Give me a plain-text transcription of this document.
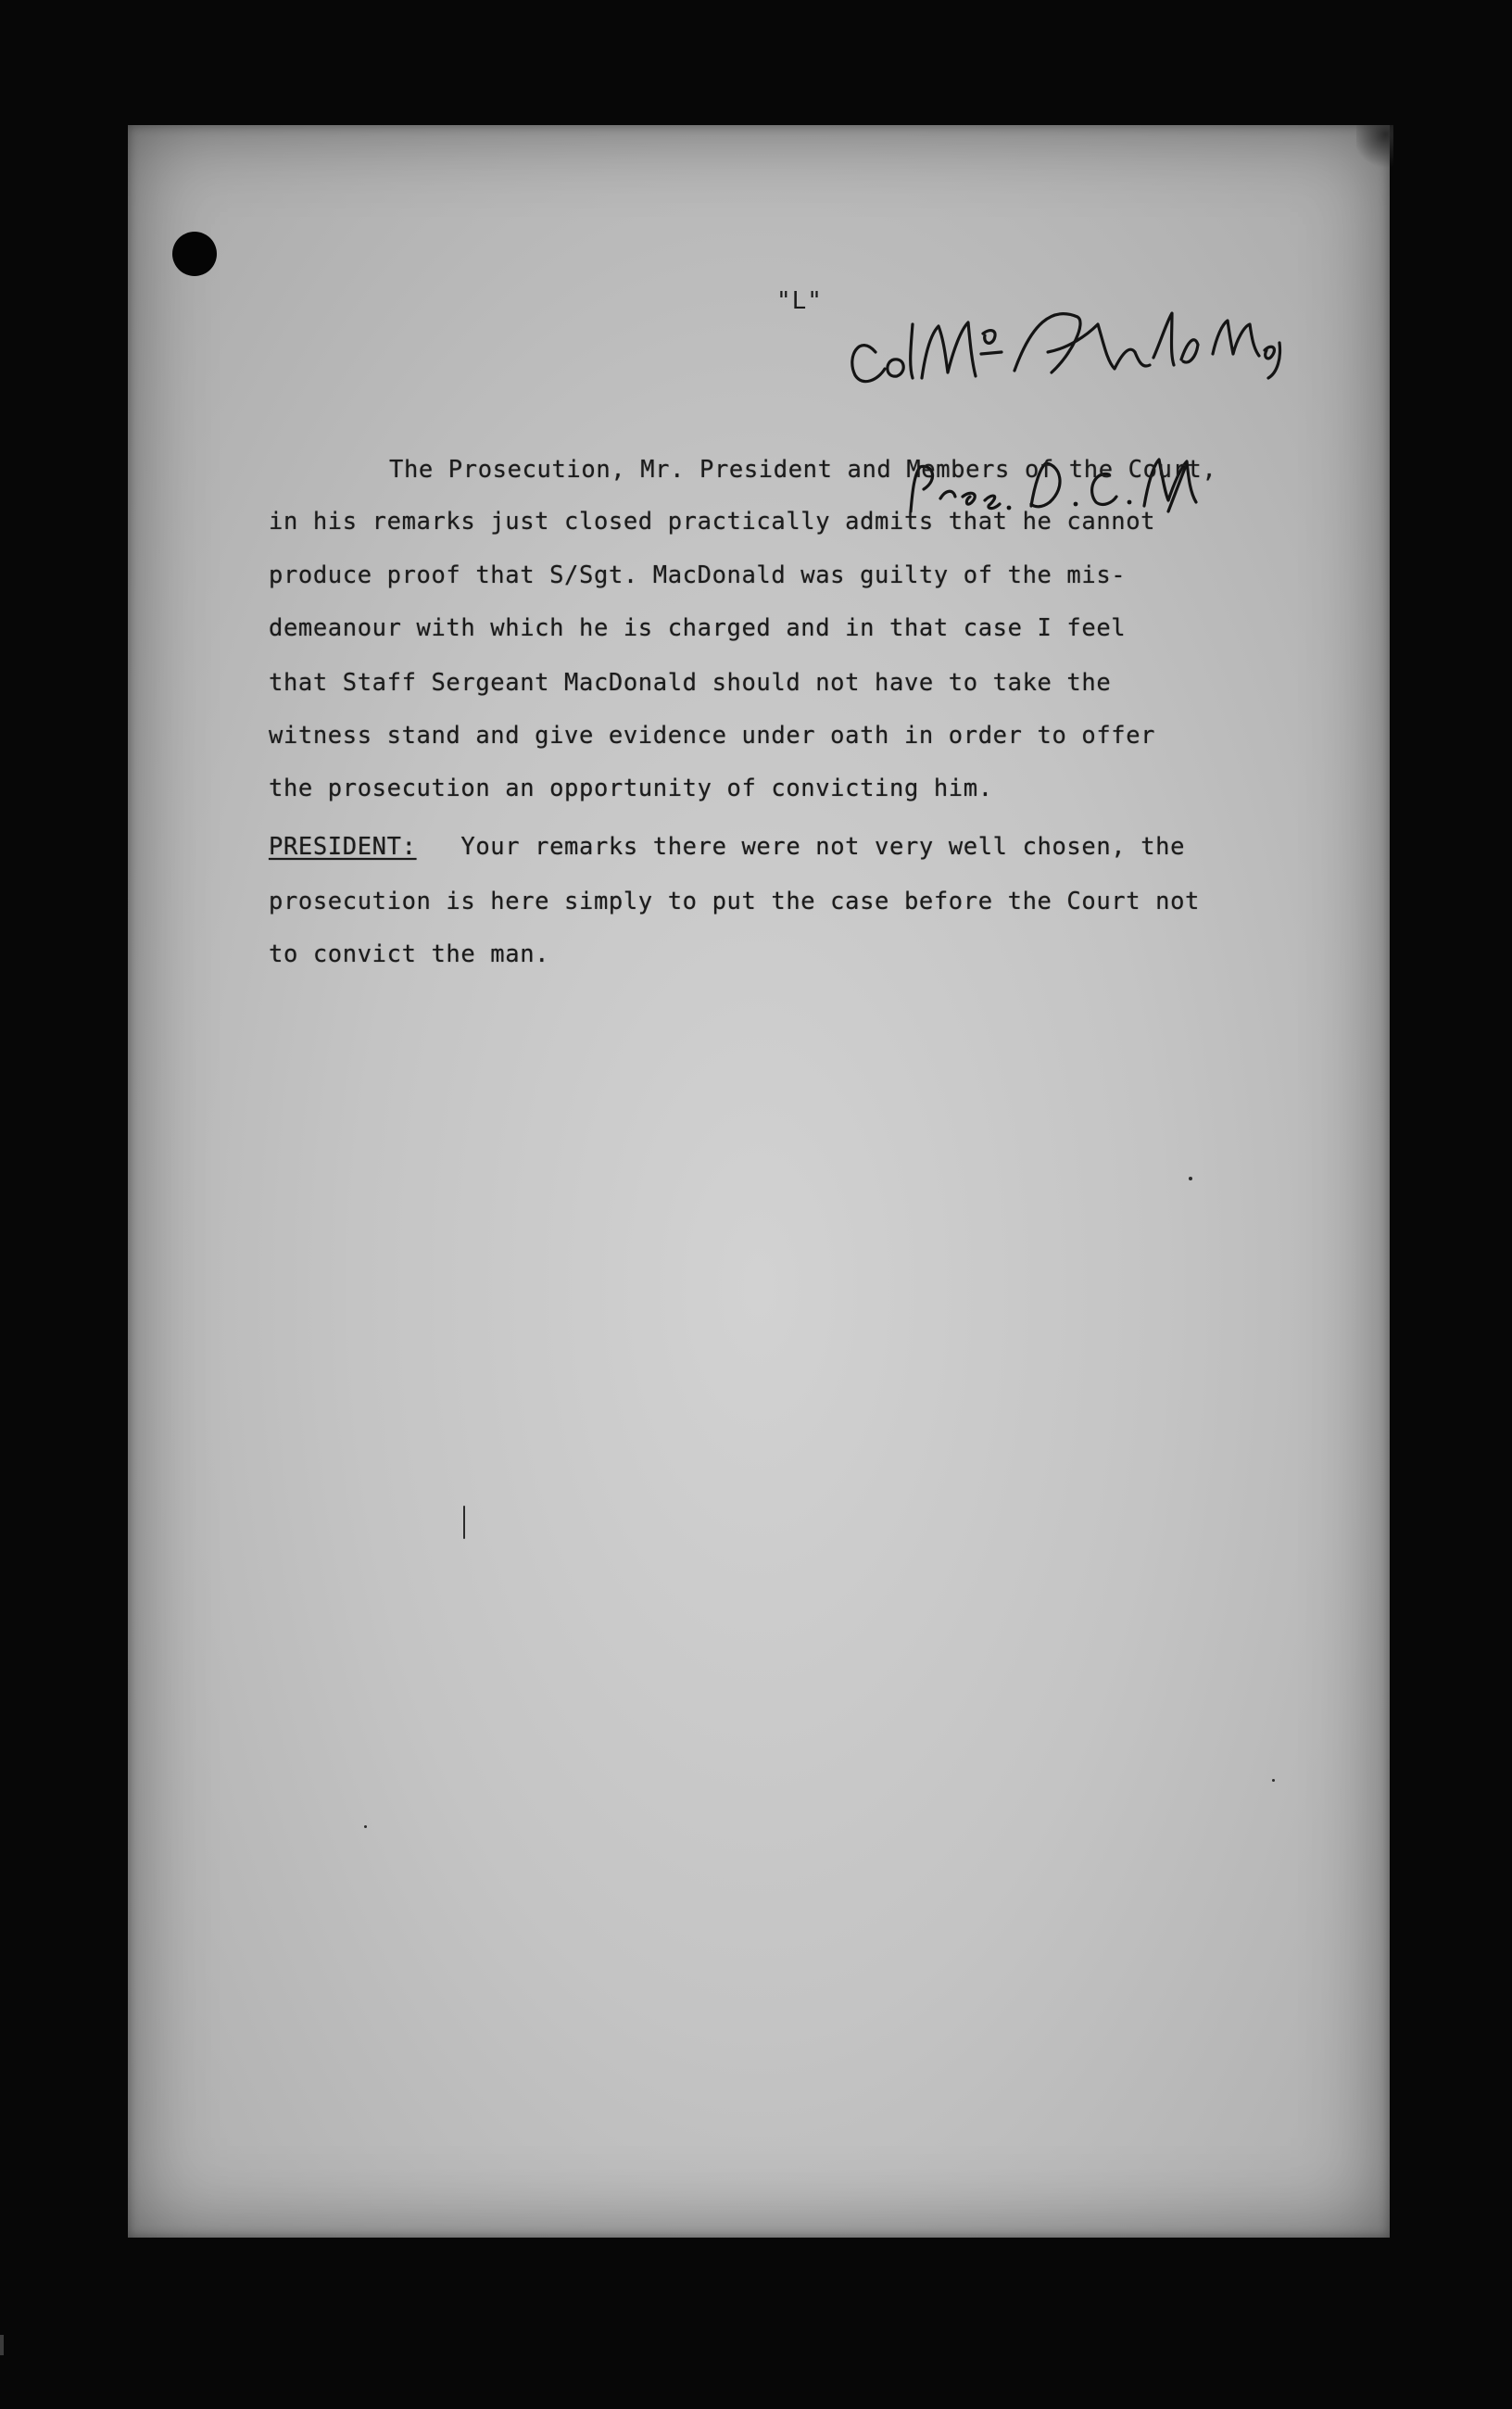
"L"
The Prosecution, Mr. President and Members of the Court,
in his remarks just closed practically admits that he cannot
produce proof that S/Sgt. MacDonald was guilty of the mis-
demeanour with which he is charged and in that case I feel
that Staff Sergeant MacDonald should not have to take the
witness stand and give evidence under oath in order to offer
the prosecution an opportunity of convicting him.
PRESIDENT: Your remarks there were not very well chosen, the
prosecution is here simply to put the case before the Court not
to convict the man.
